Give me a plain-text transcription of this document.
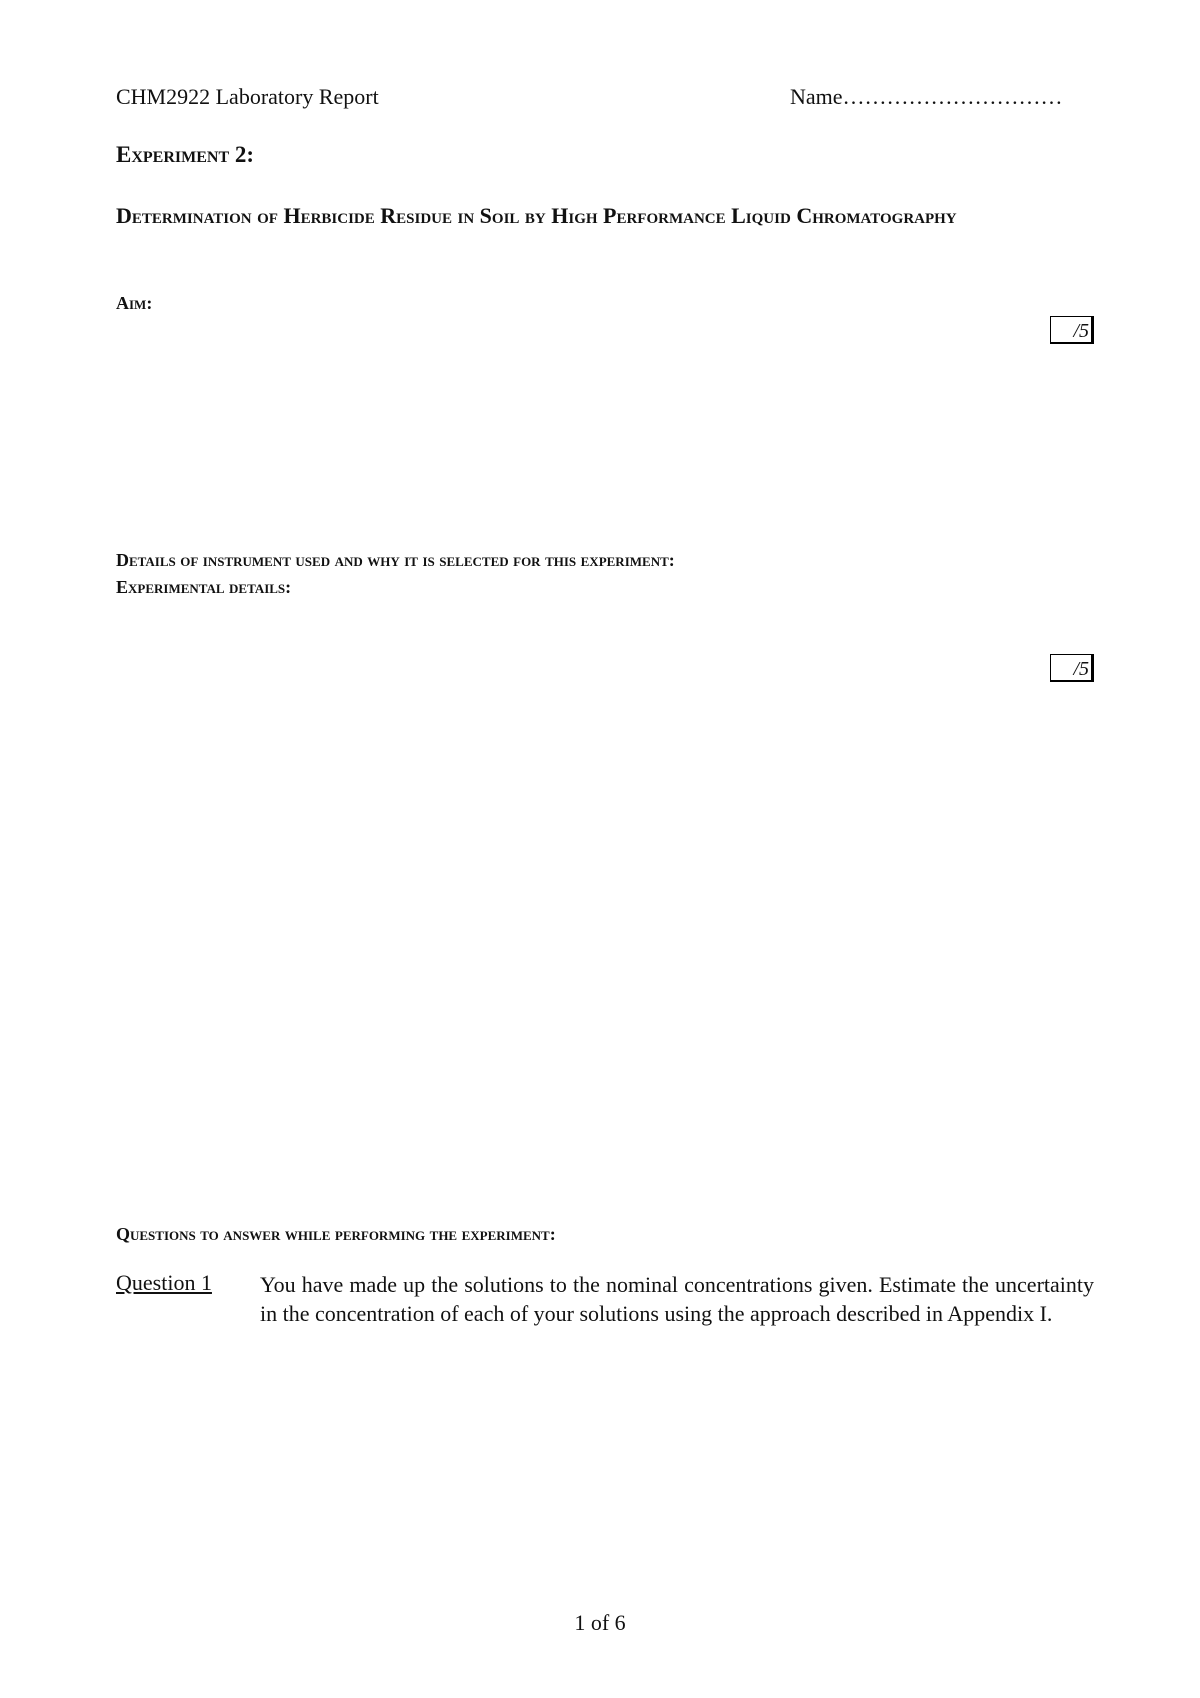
CHM2922 Laboratory Report	Name…………………………
Experiment 2:
Determination of Herbicide Residue in Soil by High Performance Liquid Chromatography
Aim:
/5
Details of instrument used and why it is selected for this experiment:
Experimental details:
/5
Questions to answer while performing the experiment:
Question 1 You have made up the solutions to the nominal concentrations given. Estimate the uncertainty in the concentration of each of your solutions using the approach described in Appendix I.
1 of 6
